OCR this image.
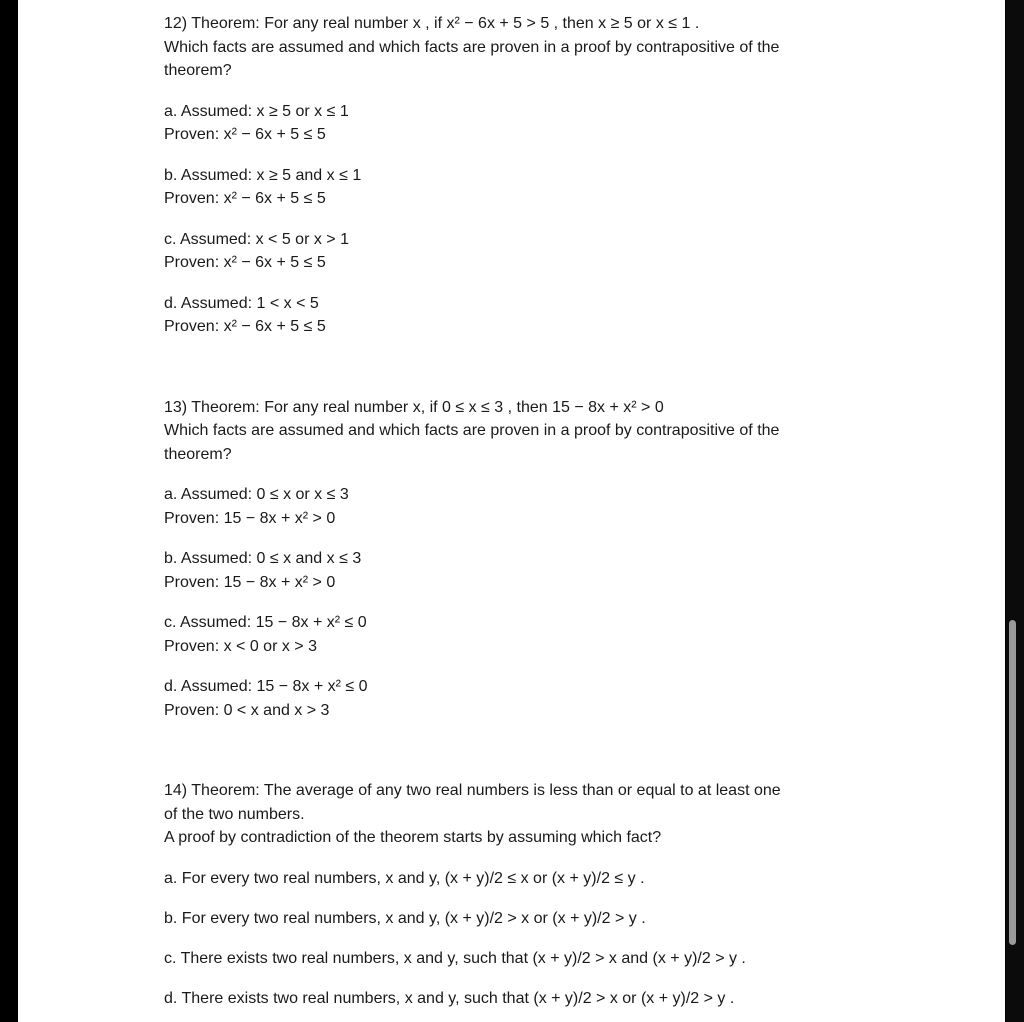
12) Theorem: For any real number x , if x² − 6x + 5 > 5 , then x ≥ 5 or x ≤ 1 .

Which facts are assumed and which facts are proven in a proof by contrapositive of the

theorem?

a. Assumed: x ≥ 5 or x ≤ 1
Proven: x² − 6x + 5 ≤ 5
b. Assumed: x ≥ 5 and x ≤ 1
Proven: x² − 6x + 5 ≤ 5
c. Assumed: x < 5 or x > 1
Proven: x² − 6x + 5 ≤ 5
d. Assumed: 1 < x < 5
Proven: x² − 6x + 5 ≤ 5

13) Theorem: For any real number x, if 0 ≤ x ≤ 3 , then 15 − 8x + x² > 0

Which facts are assumed and which facts are proven in a proof by contrapositive of the

theorem?

a. Assumed: 0 ≤ x or x ≤ 3
Proven: 15 − 8x + x² > 0
b. Assumed: 0 ≤ x and x ≤ 3
Proven: 15 − 8x + x² > 0
c. Assumed: 15 − 8x + x² ≤ 0
Proven: x < 0 or x > 3
d. Assumed: 15 − 8x + x² ≤ 0
Proven: 0 < x and x > 3

14) Theorem: The average of any two real numbers is less than or equal to at least one

of the two numbers.

A proof by contradiction of the theorem starts by assuming which fact?

a. For every two real numbers, x and y, (x + y)/2 ≤ x or (x + y)/2 ≤ y .

b. For every two real numbers, x and y, (x + y)/2 > x or (x + y)/2 > y .

c. There exists two real numbers, x and y, such that (x + y)/2 > x and (x + y)/2 > y .

d. There exists two real numbers, x and y, such that (x + y)/2 > x or (x + y)/2 > y .
